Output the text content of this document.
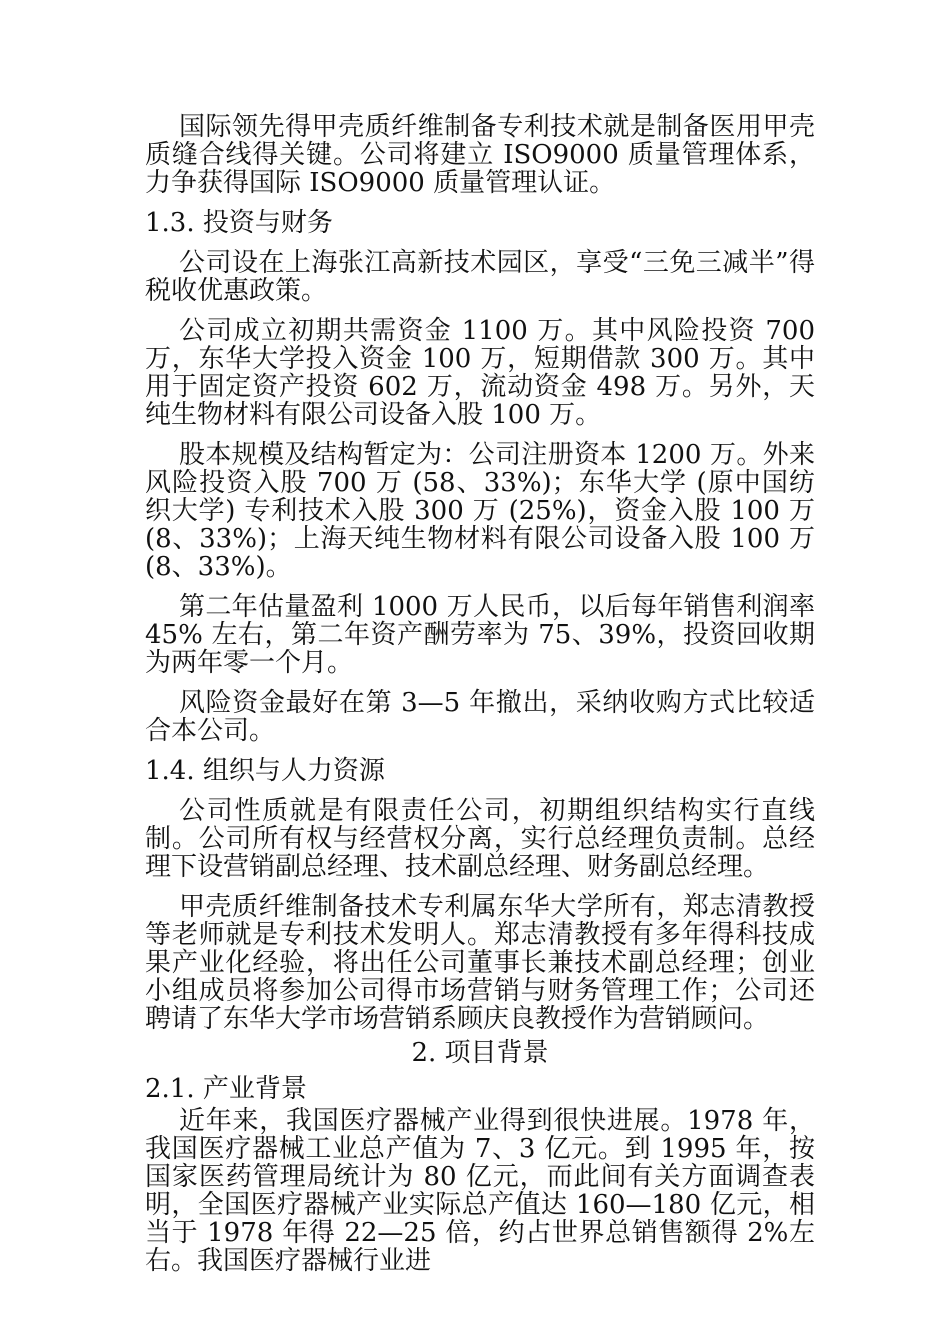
国际领先得甲壳质纤维制备专利技术就是制备医用甲壳质缝合线得关键。公司将建立 ISO9000 质量管理体系，力争获得国际 ISO9000 质量管理认证。

1.3. 投资与财务

公司设在上海张江高新技术园区，享受“三免三减半”得税收优惠政策。

公司成立初期共需资金 1100 万。其中风险投资 700 万，东华大学投入资金 100 万，短期借款 300 万。其中用于固定资产投资 602 万，流动资金 498 万。另外，天纯生物材料有限公司设备入股 100 万。

股本规模及结构暂定为：公司注册资本 1200 万。外来风险投资入股 700 万 (58、33%)；东华大学 (原中国纺织大学) 专利技术入股 300 万 (25%)，资金入股 100 万 (8、33%)；上海天纯生物材料有限公司设备入股 100 万 (8、33%)。

第二年估量盈利 1000 万人民币，以后每年销售利润率 45% 左右，第二年资产酬劳率为 75、39%，投资回收期为两年零一个月。

风险资金最好在第 3—5 年撤出，采纳收购方式比较适合本公司。

1.4. 组织与人力资源

公司性质就是有限责任公司，初期组织结构实行直线制。公司所有权与经营权分离，实行总经理负责制。总经理下设营销副总经理、技术副总经理、财务副总经理。

甲壳质纤维制备技术专利属东华大学所有，郑志清教授等老师就是专利技术发明人。郑志清教授有多年得科技成果产业化经验，将出任公司董事长兼技术副总经理；创业小组成员将参加公司得市场营销与财务管理工作；公司还聘请了东华大学市场营销系顾庆良教授作为营销顾问。

2. 项目背景

2.1. 产业背景

近年来，我国医疗器械产业得到很快进展。1978 年，我国医疗器械工业总产值为 7、3 亿元。到 1995 年，按国家医药管理局统计为 80 亿元，而此间有关方面调查表明，全国医疗器械产业实际总产值达 160—180 亿元，相当于 1978 年得 22—25 倍，约占世界总销售额得 2%左右。我国医疗器械行业进
